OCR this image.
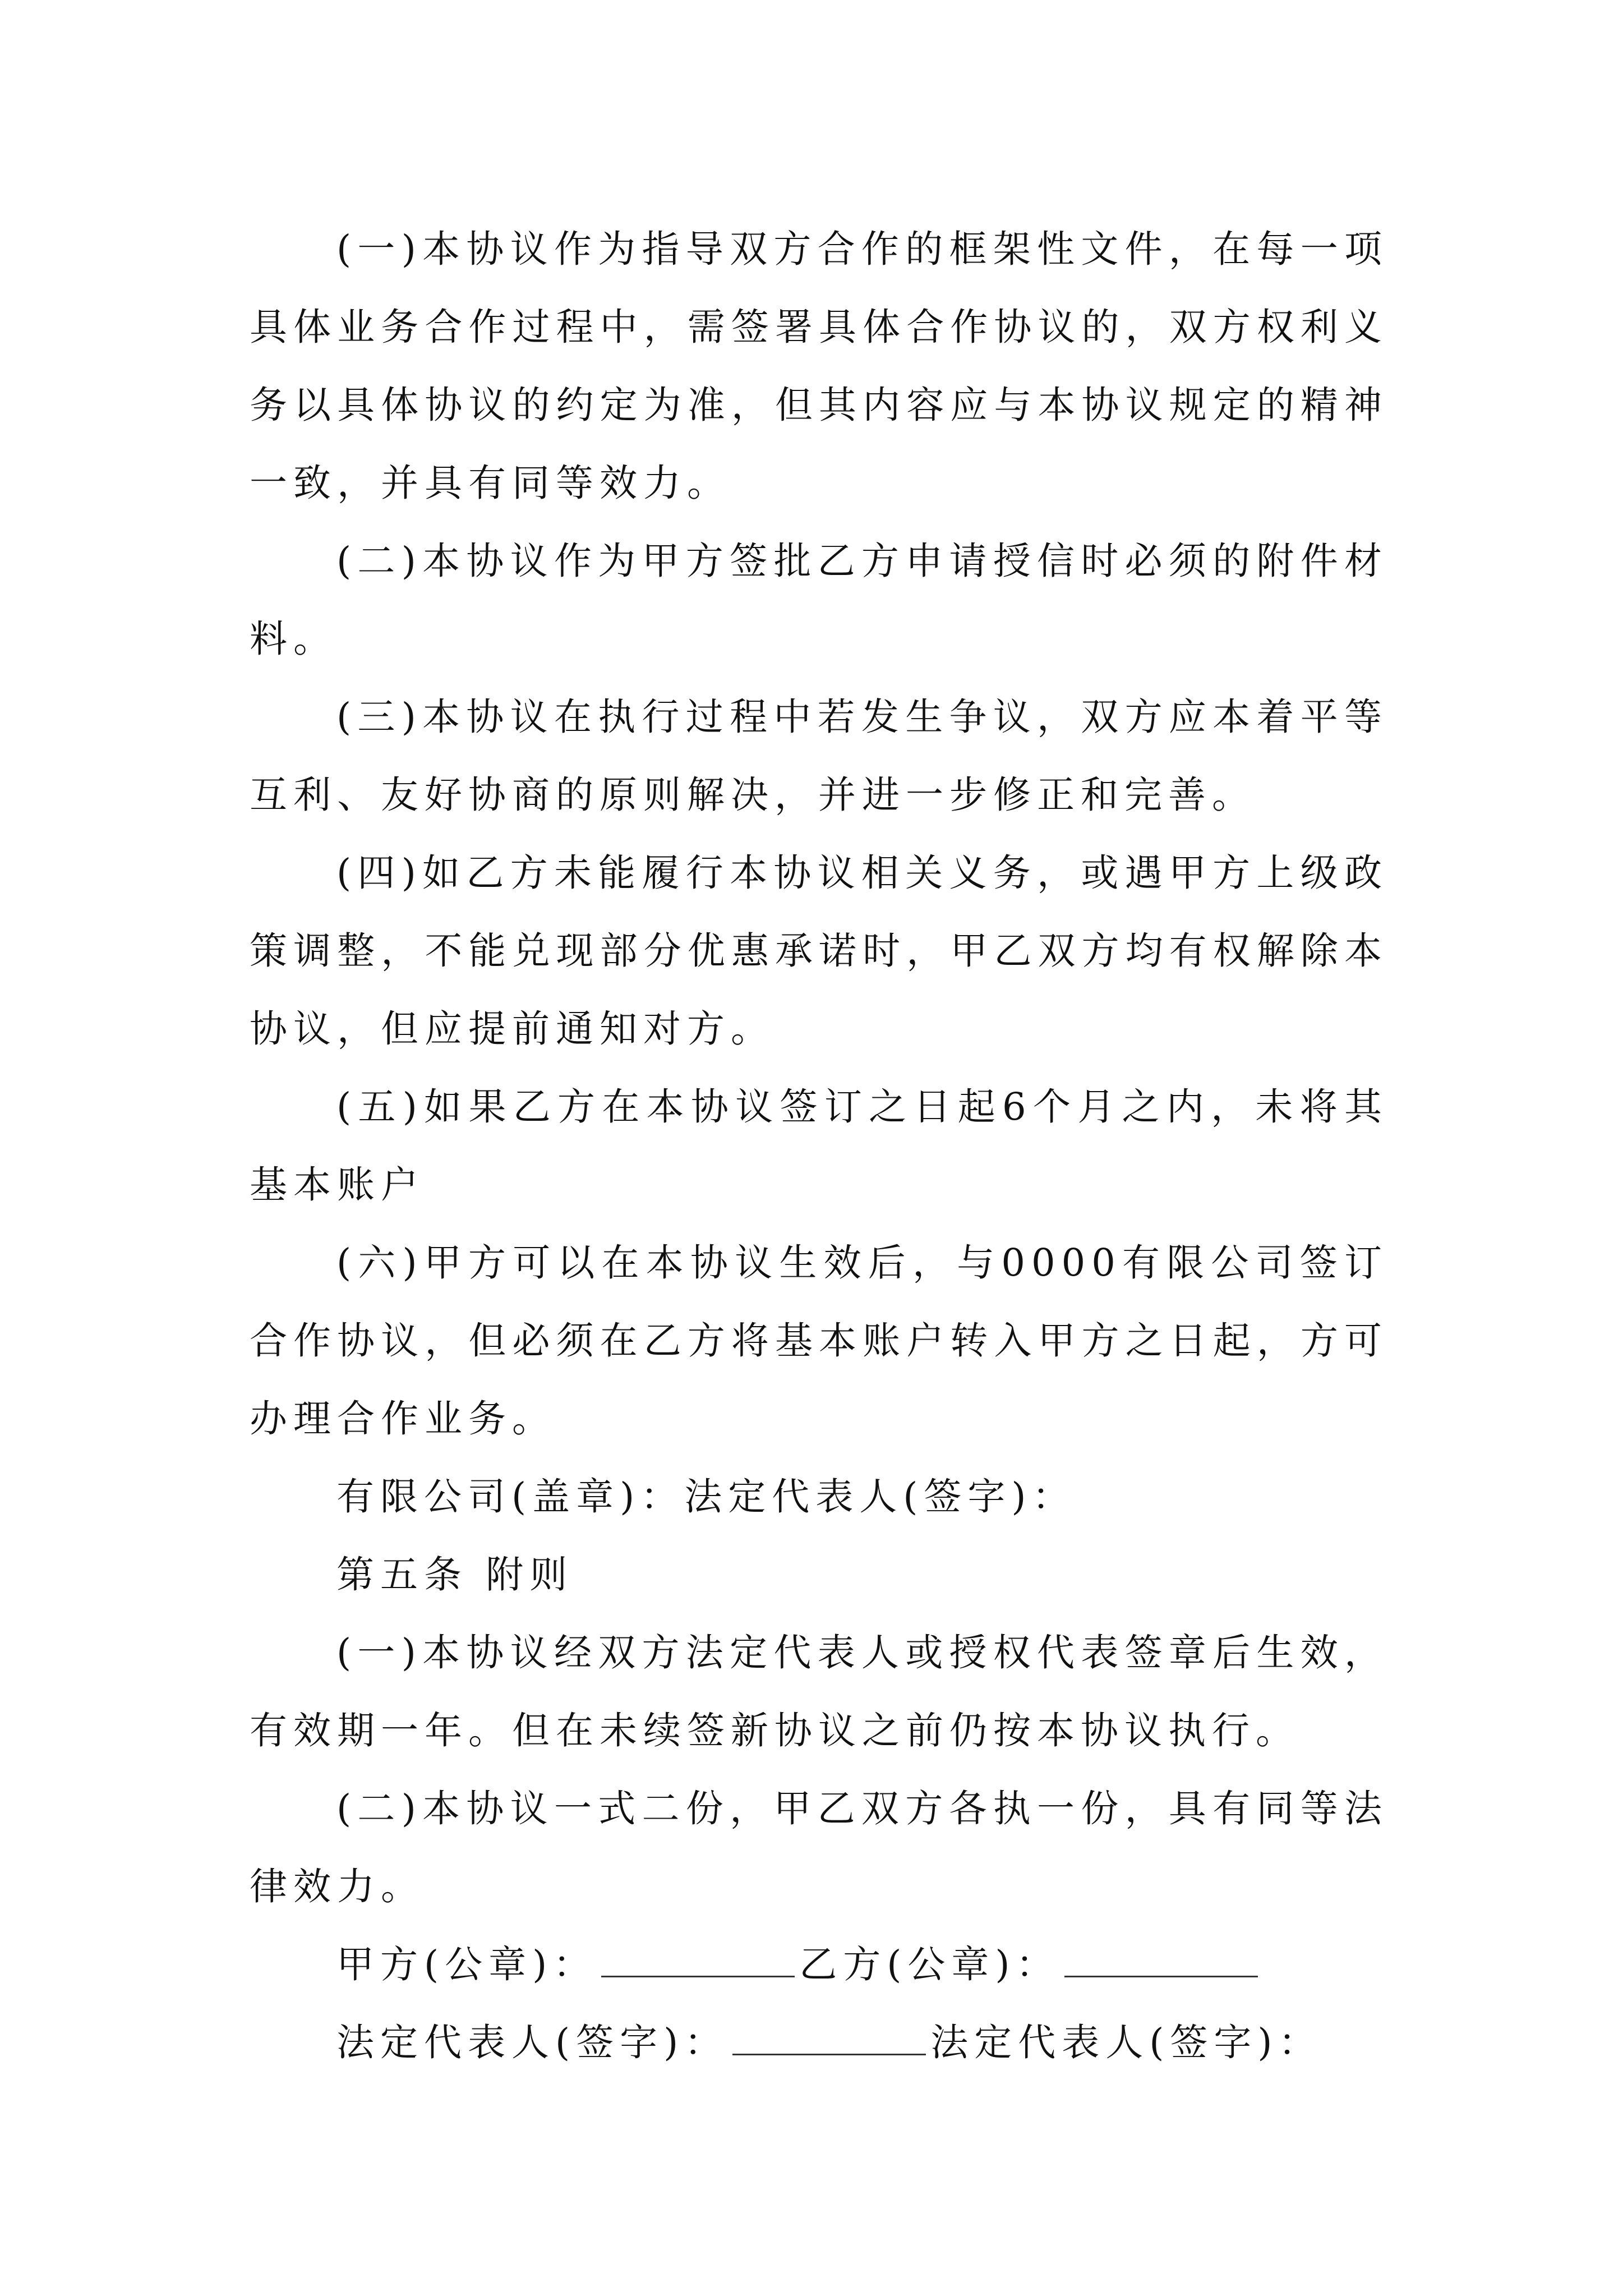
(一)本协议作为指导双方合作的框架性文件，在每一项具体业务合作过程中，需签署具体合作协议的，双方权利义务以具体协议的约定为准，但其内容应与本协议规定的精神一致，并具有同等效力。

(二)本协议作为甲方签批乙方申请授信时必须的附件材料。

(三)本协议在执行过程中若发生争议，双方应本着平等互利、友好协商的原则解决，并进一步修正和完善。

(四)如乙方未能履行本协议相关义务，或遇甲方上级政策调整，不能兑现部分优惠承诺时，甲乙双方均有权解除本协议，但应提前通知对方。

(五)如果乙方在本协议签订之日起6个月之内，未将其基本账户

(六)甲方可以在本协议生效后，与0000有限公司签订合作协议，但必须在乙方将基本账户转入甲方之日起，方可办理合作业务。

有限公司(盖章)：法定代表人(签字)：

第五条 附则

(一)本协议经双方法定代表人或授权代表签章后生效，有效期一年。但在未续签新协议之前仍按本协议执行。

(二)本协议一式二份，甲乙双方各执一份，具有同等法律效力。

甲方(公章)：	乙方(公章)：

法定代表人(签字)：	法定代表人(签字)：
